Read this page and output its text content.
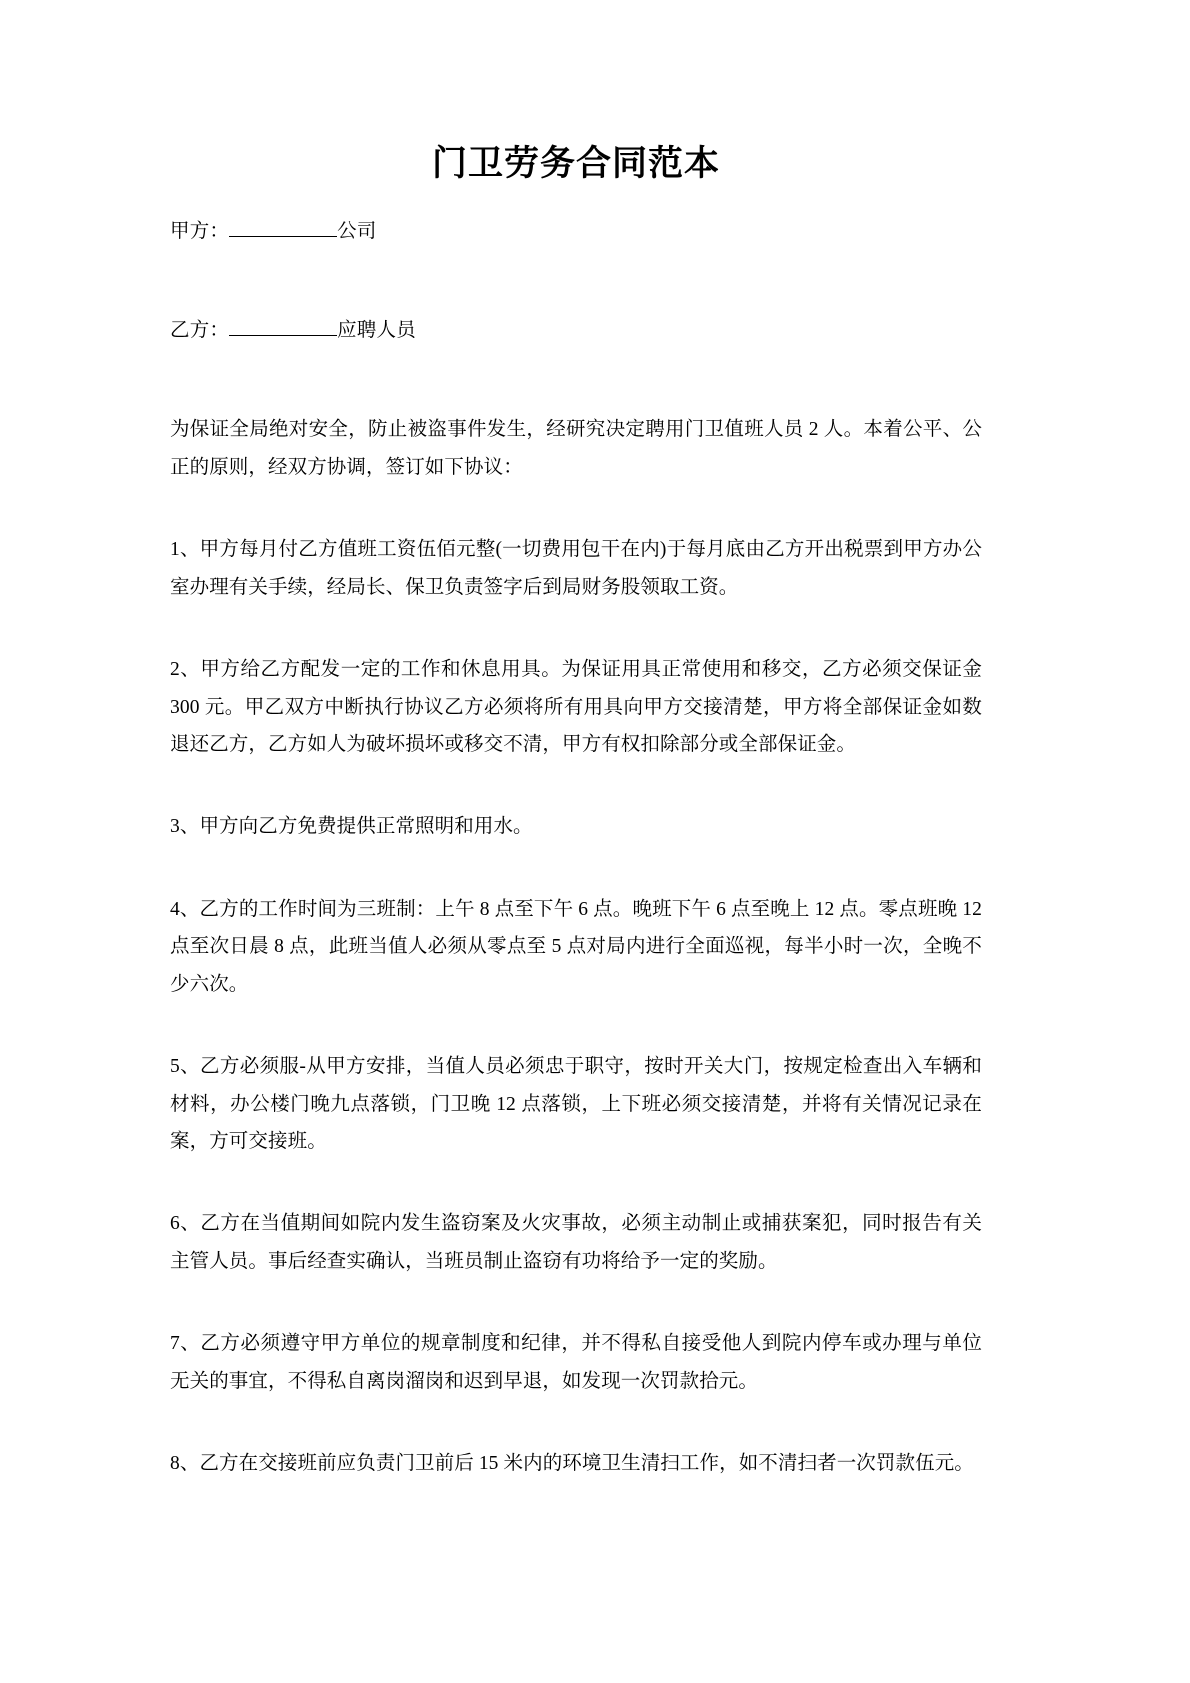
门卫劳务合同范本

甲方：	公司

乙方：	应聘人员

为保证全局绝对安全，防止被盗事件发生，经研究决定聘用门卫值班人员 2 人。本着公平、公正的原则，经双方协调，签订如下协议：

1、甲方每月付乙方值班工资伍佰元整(一切费用包干在内)于每月底由乙方开出税票到甲方办公室办理有关手续，经局长、保卫负责签字后到局财务股领取工资。

2、甲方给乙方配发一定的工作和休息用具。为保证用具正常使用和移交，乙方必须交保证金 300 元。甲乙双方中断执行协议乙方必须将所有用具向甲方交接清楚，甲方将全部保证金如数退还乙方，乙方如人为破坏损坏或移交不清，甲方有权扣除部分或全部保证金。

3、甲方向乙方免费提供正常照明和用水。

4、乙方的工作时间为三班制：上午 8 点至下午 6 点。晚班下午 6 点至晚上 12 点。零点班晚 12 点至次日晨 8 点，此班当值人必须从零点至 5 点对局内进行全面巡视，每半小时一次，全晚不少六次。

5、乙方必须服-从甲方安排，当值人员必须忠于职守，按时开关大门，按规定检查出入车辆和材料，办公楼门晚九点落锁，门卫晚 12 点落锁，上下班必须交接清楚，并将有关情况记录在案，方可交接班。

6、乙方在当值期间如院内发生盗窃案及火灾事故，必须主动制止或捕获案犯，同时报告有关主管人员。事后经查实确认，当班员制止盗窃有功将给予一定的奖励。

7、乙方必须遵守甲方单位的规章制度和纪律，并不得私自接受他人到院内停车或办理与单位无关的事宜，不得私自离岗溜岗和迟到早退，如发现一次罚款拾元。

8、乙方在交接班前应负责门卫前后 15 米内的环境卫生清扫工作，如不清扫者一次罚款伍元。
